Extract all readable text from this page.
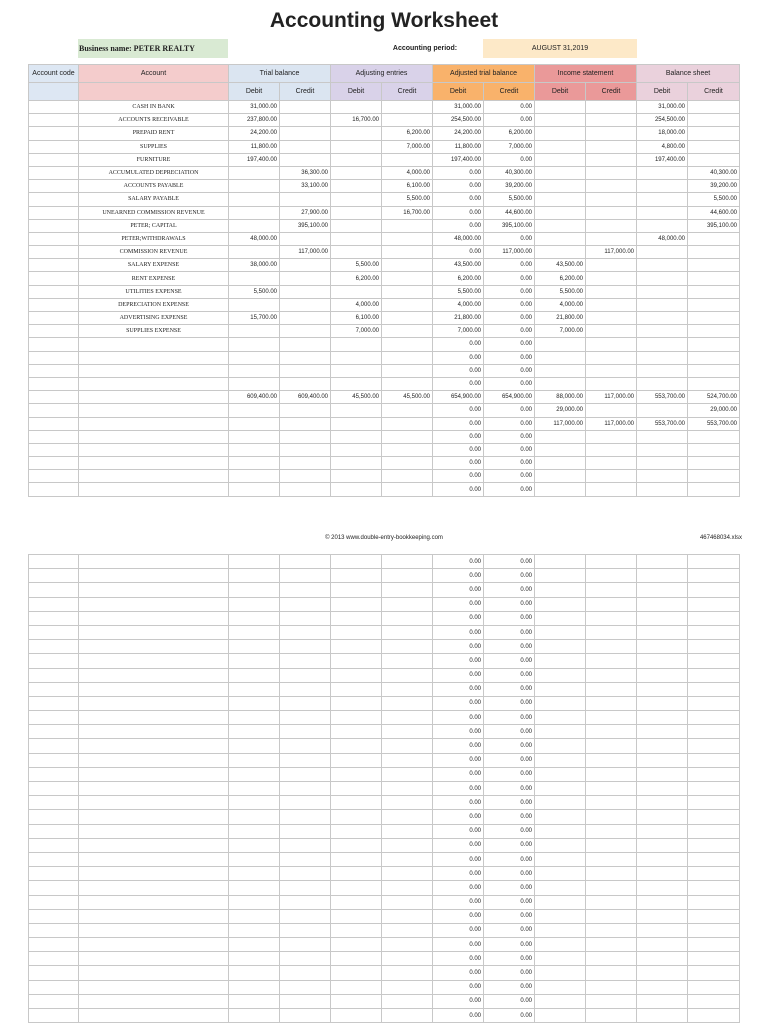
Accounting Worksheet
Business name: PETER REALTY	Accounting period:	AUGUST 31,2019
Account code	Account	Trial balance		Adjusting entries		Adjusted trial balance		Income statement		Balance sheet	
		Debit	Credit	Debit	Credit	Debit	Credit	Debit	Credit	Debit	Credit
	CASH IN BANK	31,000.00				31,000.00	0.00			31,000.00	
	ACCOUNTS RECEIVABLE	237,800.00		16,700.00		254,500.00	0.00			254,500.00	
	PREPAID RENT	24,200.00			6,200.00	24,200.00	6,200.00			18,000.00	
	SUPPLIES	11,800.00			7,000.00	11,800.00	7,000.00			4,800.00	
	FURNITURE	197,400.00				197,400.00	0.00			197,400.00	
	ACCUMULATED DEPRECIATION		36,300.00		4,000.00	0.00	40,300.00				40,300.00
	ACCOUNTS PAYABLE		33,100.00		6,100.00	0.00	39,200.00				39,200.00
	SALARY PAYABLE				5,500.00	0.00	5,500.00				5,500.00
	UNEARNED COMMISSION REVENUE		27,900.00		16,700.00	0.00	44,600.00				44,600.00
	PETER; CAPITAL		395,100.00			0.00	395,100.00				395,100.00
	PETER;WITHDRAWALS	48,000.00				48,000.00	0.00			48,000.00	
	COMMISSION REVENUE		117,000.00			0.00	117,000.00		117,000.00		
	SALARY EXPENSE	38,000.00		5,500.00		43,500.00	0.00	43,500.00			
	RENT EXPENSE			6,200.00		6,200.00	0.00	6,200.00			
	UTILITIES EXPENSE	5,500.00				5,500.00	0.00	5,500.00			
	DEPRECIATION EXPENSE			4,000.00		4,000.00	0.00	4,000.00			
	ADVERTISING EXPENSE	15,700.00		6,100.00		21,800.00	0.00	21,800.00			
	SUPPLIES EXPENSE			7,000.00		7,000.00	0.00	7,000.00			
						0.00	0.00				
						0.00	0.00				
						0.00	0.00				
						0.00	0.00				
		609,400.00	609,400.00	45,500.00	45,500.00	654,900.00	654,900.00	88,000.00	117,000.00	553,700.00	524,700.00
						0.00	0.00	29,000.00			29,000.00
						0.00	0.00	117,000.00	117,000.00	553,700.00	553,700.00
						0.00	0.00				
						0.00	0.00				
						0.00	0.00				
						0.00	0.00				
						0.00	0.00				
© 2013 www.double-entry-bookkeeping.com	467468034.xlsx
						0.00	0.00				
						0.00	0.00				
						0.00	0.00				
						0.00	0.00				
						0.00	0.00				
						0.00	0.00				
						0.00	0.00				
						0.00	0.00				
						0.00	0.00				
						0.00	0.00				
						0.00	0.00				
						0.00	0.00				
						0.00	0.00				
						0.00	0.00				
						0.00	0.00				
						0.00	0.00				
						0.00	0.00				
						0.00	0.00				
						0.00	0.00				
						0.00	0.00				
						0.00	0.00				
						0.00	0.00				
						0.00	0.00				
						0.00	0.00				
						0.00	0.00				
						0.00	0.00				
						0.00	0.00				
						0.00	0.00				
						0.00	0.00				
						0.00	0.00				
						0.00	0.00				
						0.00	0.00				
						0.00	0.00				
